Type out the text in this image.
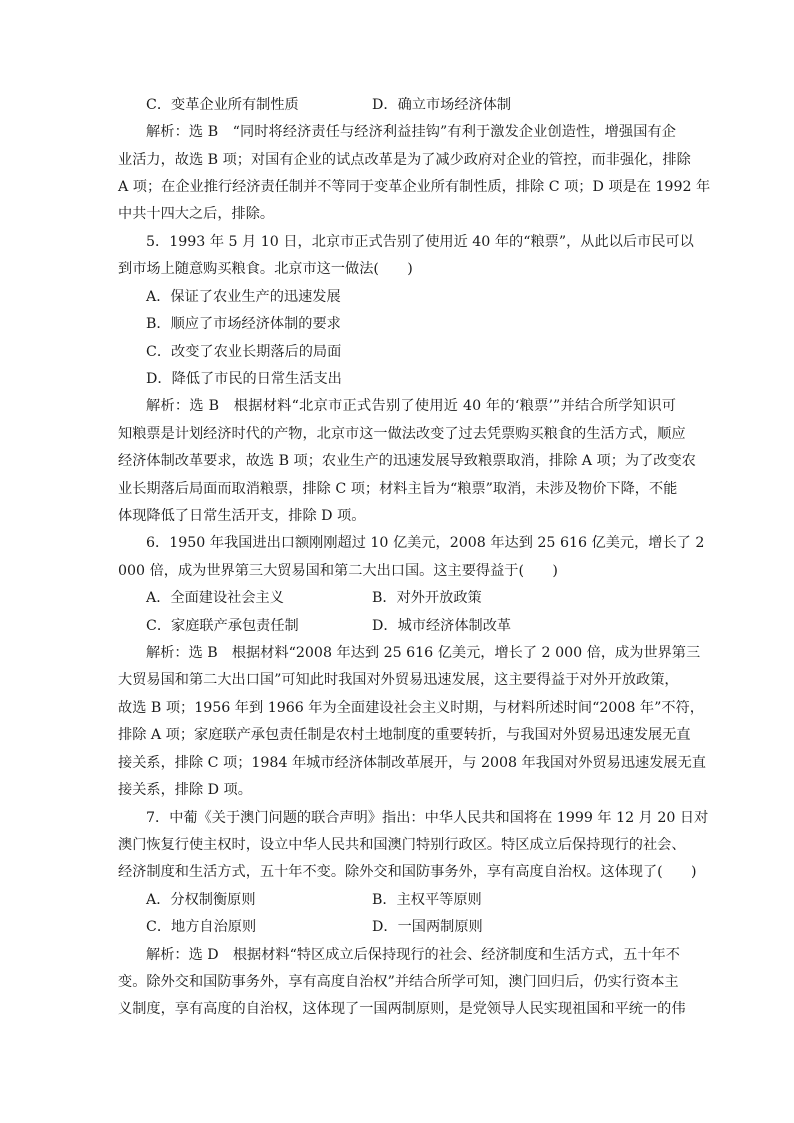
C．变革企业所有制性质	D．确立市场经济体制
解析：选 B　“同时将经济责任与经济利益挂钩”有利于激发企业创造性，增强国有企
业活力，故选 B 项；对国有企业的试点改革是为了减少政府对企业的管控，而非强化，排除
A 项；在企业推行经济责任制并不等同于变革企业所有制性质，排除 C 项；D 项是在 1992 年
中共十四大之后，排除。
5．1993 年 5 月 10 日，北京市正式告别了使用近 40 年的“粮票”，从此以后市民可以
到市场上随意购买粮食。北京市这一做法(　　)
A．保证了农业生产的迅速发展
B．顺应了市场经济体制的要求
C．改变了农业长期落后的局面
D．降低了市民的日常生活支出
解析：选 B　根据材料“北京市正式告别了使用近 40 年的‘粮票’”并结合所学知识可
知粮票是计划经济时代的产物，北京市这一做法改变了过去凭票购买粮食的生活方式，顺应
经济体制改革要求，故选 B 项；农业生产的迅速发展导致粮票取消，排除 A 项；为了改变农
业长期落后局面而取消粮票，排除 C 项；材料主旨为“粮票”取消，未涉及物价下降，不能
体现降低了日常生活开支，排除 D 项。
6．1950 年我国进出口额刚刚超过 10 亿美元，2008 年达到 25 616 亿美元，增长了 2
000 倍，成为世界第三大贸易国和第二大出口国。这主要得益于(　　)
A．全面建设社会主义	B．对外开放政策
C．家庭联产承包责任制	D．城市经济体制改革
解析：选 B　根据材料“2008 年达到 25 616 亿美元，增长了 2 000 倍，成为世界第三
大贸易国和第二大出口国”可知此时我国对外贸易迅速发展，这主要得益于对外开放政策，
故选 B 项；1956 年到 1966 年为全面建设社会主义时期，与材料所述时间“2008 年”不符，
排除 A 项；家庭联产承包责任制是农村土地制度的重要转折，与我国对外贸易迅速发展无直
接关系，排除 C 项；1984 年城市经济体制改革展开，与 2008 年我国对外贸易迅速发展无直
接关系，排除 D 项。
7．中葡《关于澳门问题的联合声明》指出：中华人民共和国将在 1999 年 12 月 20 日对
澳门恢复行使主权时，设立中华人民共和国澳门特别行政区。特区成立后保持现行的社会、
经济制度和生活方式，五十年不变。除外交和国防事务外，享有高度自治权。这体现了(　　)
A．分权制衡原则	B．主权平等原则
C．地方自治原则	D．一国两制原则
解析：选 D　根据材料“特区成立后保持现行的社会、经济制度和生活方式，五十年不
变。除外交和国防事务外，享有高度自治权”并结合所学可知，澳门回归后，仍实行资本主
义制度，享有高度的自治权，这体现了一国两制原则，是党领导人民实现祖国和平统一的伟
